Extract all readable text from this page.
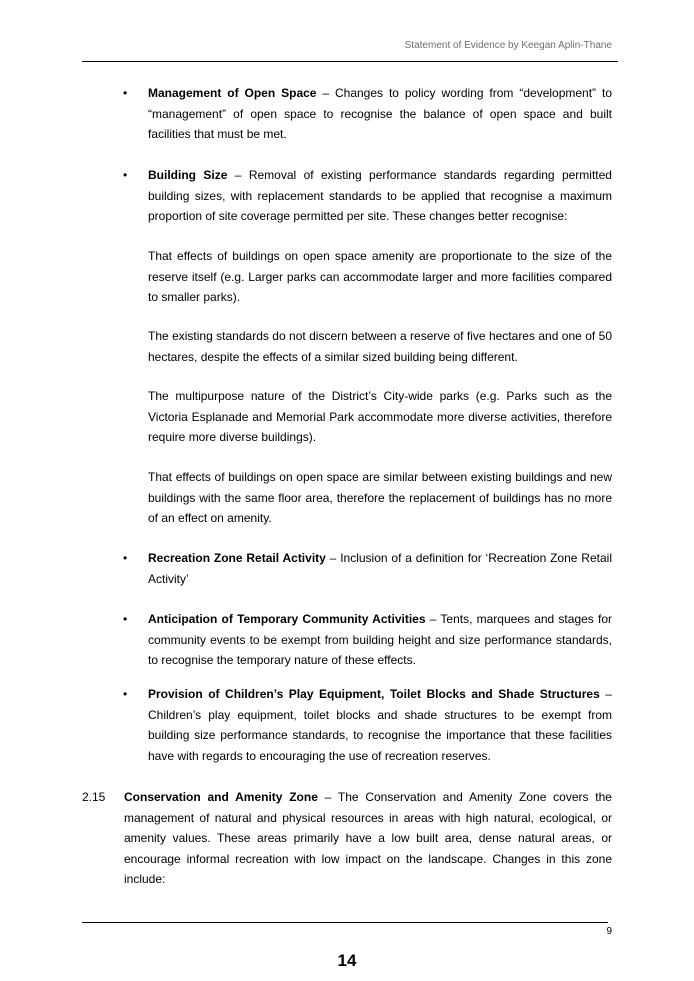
Statement of Evidence by Keegan Aplin-Thane
• Management of Open Space – Changes to policy wording from “development” to “management” of open space to recognise the balance of open space and built facilities that must be met.
• Building Size – Removal of existing performance standards regarding permitted building sizes, with replacement standards to be applied that recognise a maximum proportion of site coverage permitted per site. These changes better recognise:
That effects of buildings on open space amenity are proportionate to the size of the reserve itself (e.g. Larger parks can accommodate larger and more facilities compared to smaller parks).
The existing standards do not discern between a reserve of five hectares and one of 50 hectares, despite the effects of a similar sized building being different.
The multipurpose nature of the District’s City-wide parks (e.g. Parks such as the Victoria Esplanade and Memorial Park accommodate more diverse activities, therefore require more diverse buildings).
That effects of buildings on open space are similar between existing buildings and new buildings with the same floor area, therefore the replacement of buildings has no more of an effect on amenity.
• Recreation Zone Retail Activity – Inclusion of a definition for ‘Recreation Zone Retail Activity’
• Anticipation of Temporary Community Activities – Tents, marquees and stages for community events to be exempt from building height and size performance standards, to recognise the temporary nature of these effects.
• Provision of Children’s Play Equipment, Toilet Blocks and Shade Structures – Children’s play equipment, toilet blocks and shade structures to be exempt from building size performance standards, to recognise the importance that these facilities have with regards to encouraging the use of recreation reserves.
2.15 Conservation and Amenity Zone – The Conservation and Amenity Zone covers the management of natural and physical resources in areas with high natural, ecological, or amenity values. These areas primarily have a low built area, dense natural areas, or encourage informal recreation with low impact on the landscape. Changes in this zone include:
9
14
